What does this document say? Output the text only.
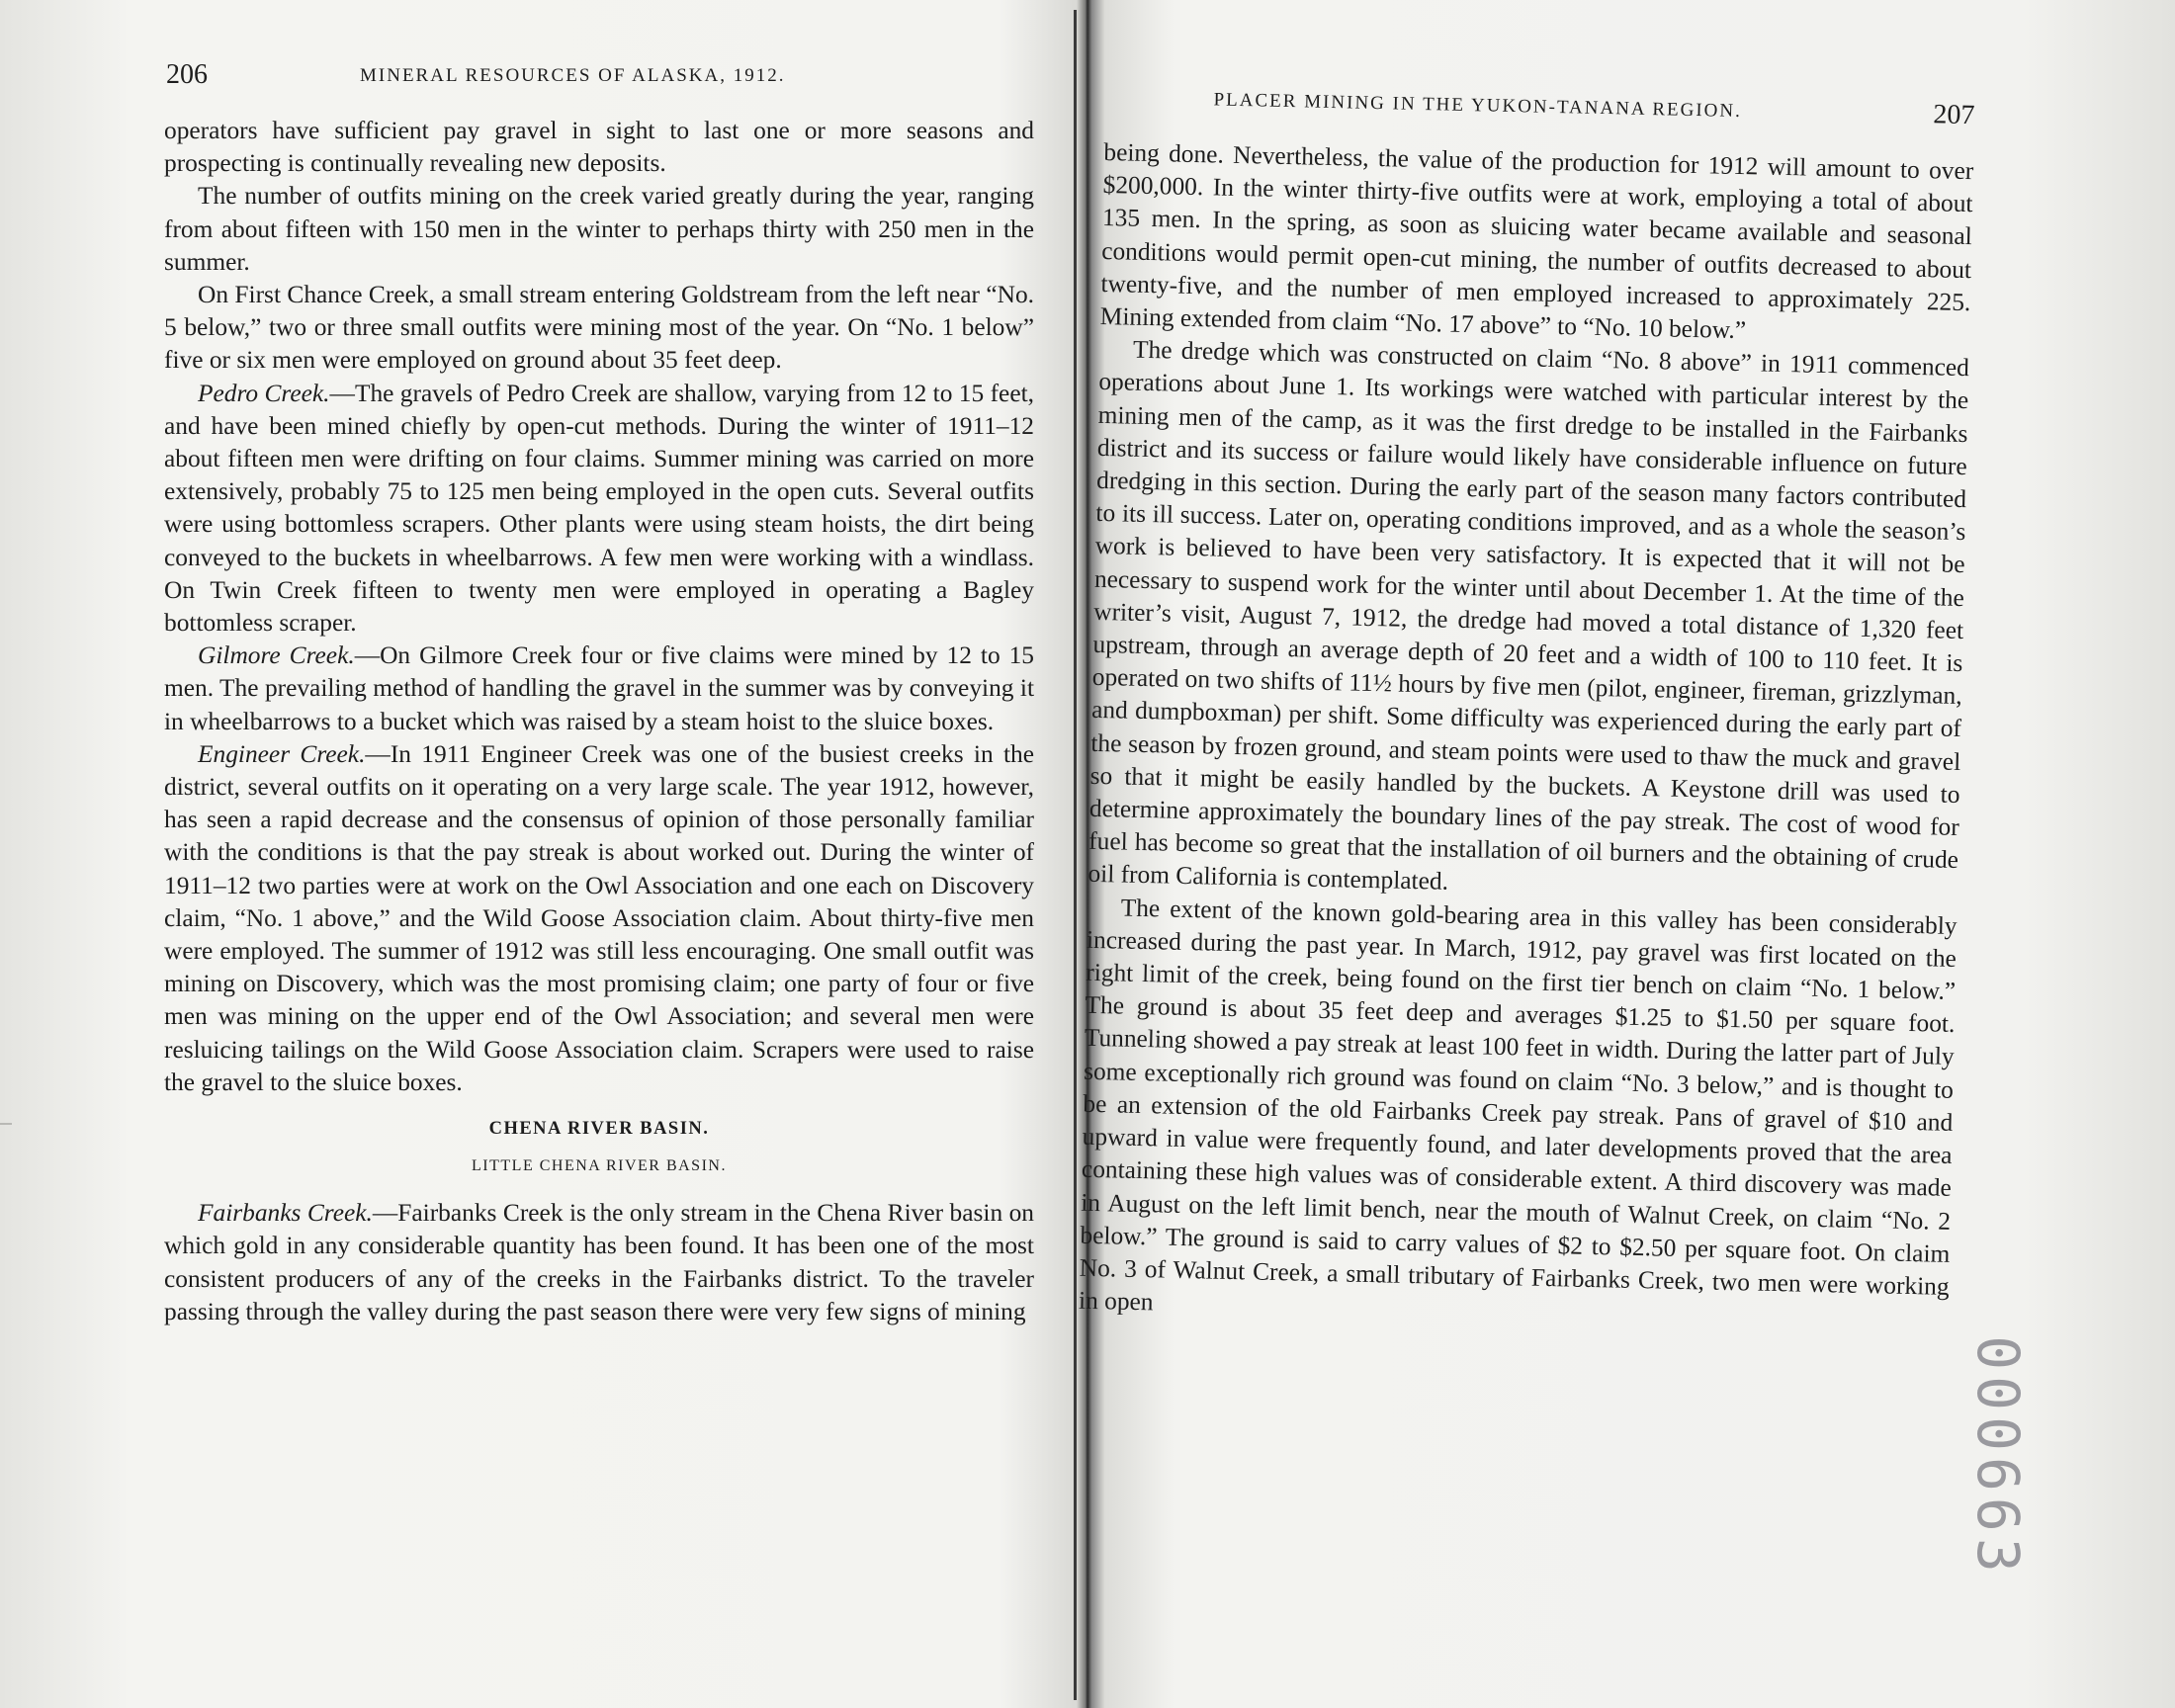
206	MINERAL RESOURCES OF ALASKA, 1912.

operators have sufficient pay gravel in sight to last one or more seasons and prospecting is continually revealing new deposits.

The number of outfits mining on the creek varied greatly during the year, ranging from about fifteen with 150 men in the winter to perhaps thirty with 250 men in the summer.

On First Chance Creek, a small stream entering Goldstream from the left near “No. 5 below,” two or three small outfits were mining most of the year. On “No. 1 below” five or six men were employed on ground about 35 feet deep.

Pedro Creek.—The gravels of Pedro Creek are shallow, varying from 12 to 15 feet, and have been mined chiefly by open-cut methods. During the winter of 1911–12 about fifteen men were drifting on four claims. Summer mining was carried on more extensively, probably 75 to 125 men being employed in the open cuts. Several outfits were using bottomless scrapers. Other plants were using steam hoists, the dirt being conveyed to the buckets in wheelbarrows. A few men were working with a windlass. On Twin Creek fifteen to twenty men were employed in operating a Bagley bottomless scraper.

Gilmore Creek.—On Gilmore Creek four or five claims were mined by 12 to 15 men. The prevailing method of handling the gravel in the summer was by conveying it in wheelbarrows to a bucket which was raised by a steam hoist to the sluice boxes.

Engineer Creek.—In 1911 Engineer Creek was one of the busiest creeks in the district, several outfits on it operating on a very large scale. The year 1912, however, has seen a rapid decrease and the consensus of opinion of those personally familiar with the conditions is that the pay streak is about worked out. During the winter of 1911–12 two parties were at work on the Owl Association and one each on Discovery claim, “No. 1 above,” and the Wild Goose Association claim. About thirty-five men were employed. The summer of 1912 was still less encouraging. One small outfit was mining on Discovery, which was the most promising claim; one party of four or five men was mining on the upper end of the Owl Association; and several men were resluicing tailings on the Wild Goose Association claim. Scrapers were used to raise the gravel to the sluice boxes.

CHENA RIVER BASIN.

LITTLE CHENA RIVER BASIN.

Fairbanks Creek.—Fairbanks Creek is the only stream in the Chena River basin on which gold in any considerable quantity has been found. It has been one of the most consistent producers of any of the creeks in the Fairbanks district. To the traveler passing through the valley during the past season there were very few signs of mining

PLACER MINING IN THE YUKON-TANANA REGION.	207

being done. Nevertheless, the value of the production for 1912 will amount to over $200,000. In the winter thirty-five outfits were at work, employing a total of about 135 men. In the spring, as soon as sluicing water became available and seasonal conditions would permit open-cut mining, the number of outfits decreased to about twenty-five, and the number of men employed increased to approximately 225. Mining extended from claim “No. 17 above” to “No. 10 below.”

The dredge which was constructed on claim “No. 8 above” in 1911 commenced operations about June 1. Its workings were watched with particular interest by the mining men of the camp, as it was the first dredge to be installed in the Fairbanks district and its success or failure would likely have considerable influence on future dredging in this section. During the early part of the season many factors contributed to its ill success. Later on, operating conditions improved, and as a whole the season’s work is believed to have been very satisfactory. It is expected that it will not be necessary to suspend work for the winter until about December 1. At the time of the writer’s visit, August 7, 1912, the dredge had moved a total distance of 1,320 feet upstream, through an average depth of 20 feet and a width of 100 to 110 feet. It is operated on two shifts of 11½ hours by five men (pilot, engineer, fireman, grizzlyman, and dumpboxman) per shift. Some difficulty was experienced during the early part of the season by frozen ground, and steam points were used to thaw the muck and gravel so that it might be easily handled by the buckets. A Keystone drill was used to determine approximately the boundary lines of the pay streak. The cost of wood for fuel has become so great that the installation of oil burners and the obtaining of crude oil from California is contemplated.

The extent of the known gold-bearing area in this valley has been considerably increased during the past year. In March, 1912, pay gravel was first located on the right limit of the creek, being found on the first tier bench on claim “No. 1 below.” The ground is about 35 feet deep and averages $1.25 to $1.50 per square foot. Tunneling showed a pay streak at least 100 feet in width. During the latter part of July some exceptionally rich ground was found on claim “No. 3 below,” and is thought to be an extension of the old Fairbanks Creek pay streak. Pans of gravel of $10 and upward in value were frequently found, and later developments proved that the area containing these high values was of considerable extent. A third discovery was made in August on the left limit bench, near the mouth of Walnut Creek, on claim “No. 2 below.” The ground is said to carry values of $2 to $2.50 per square foot. On claim No. 3 of Walnut Creek, a small tributary of Fairbanks Creek, two men were working in open

000663
